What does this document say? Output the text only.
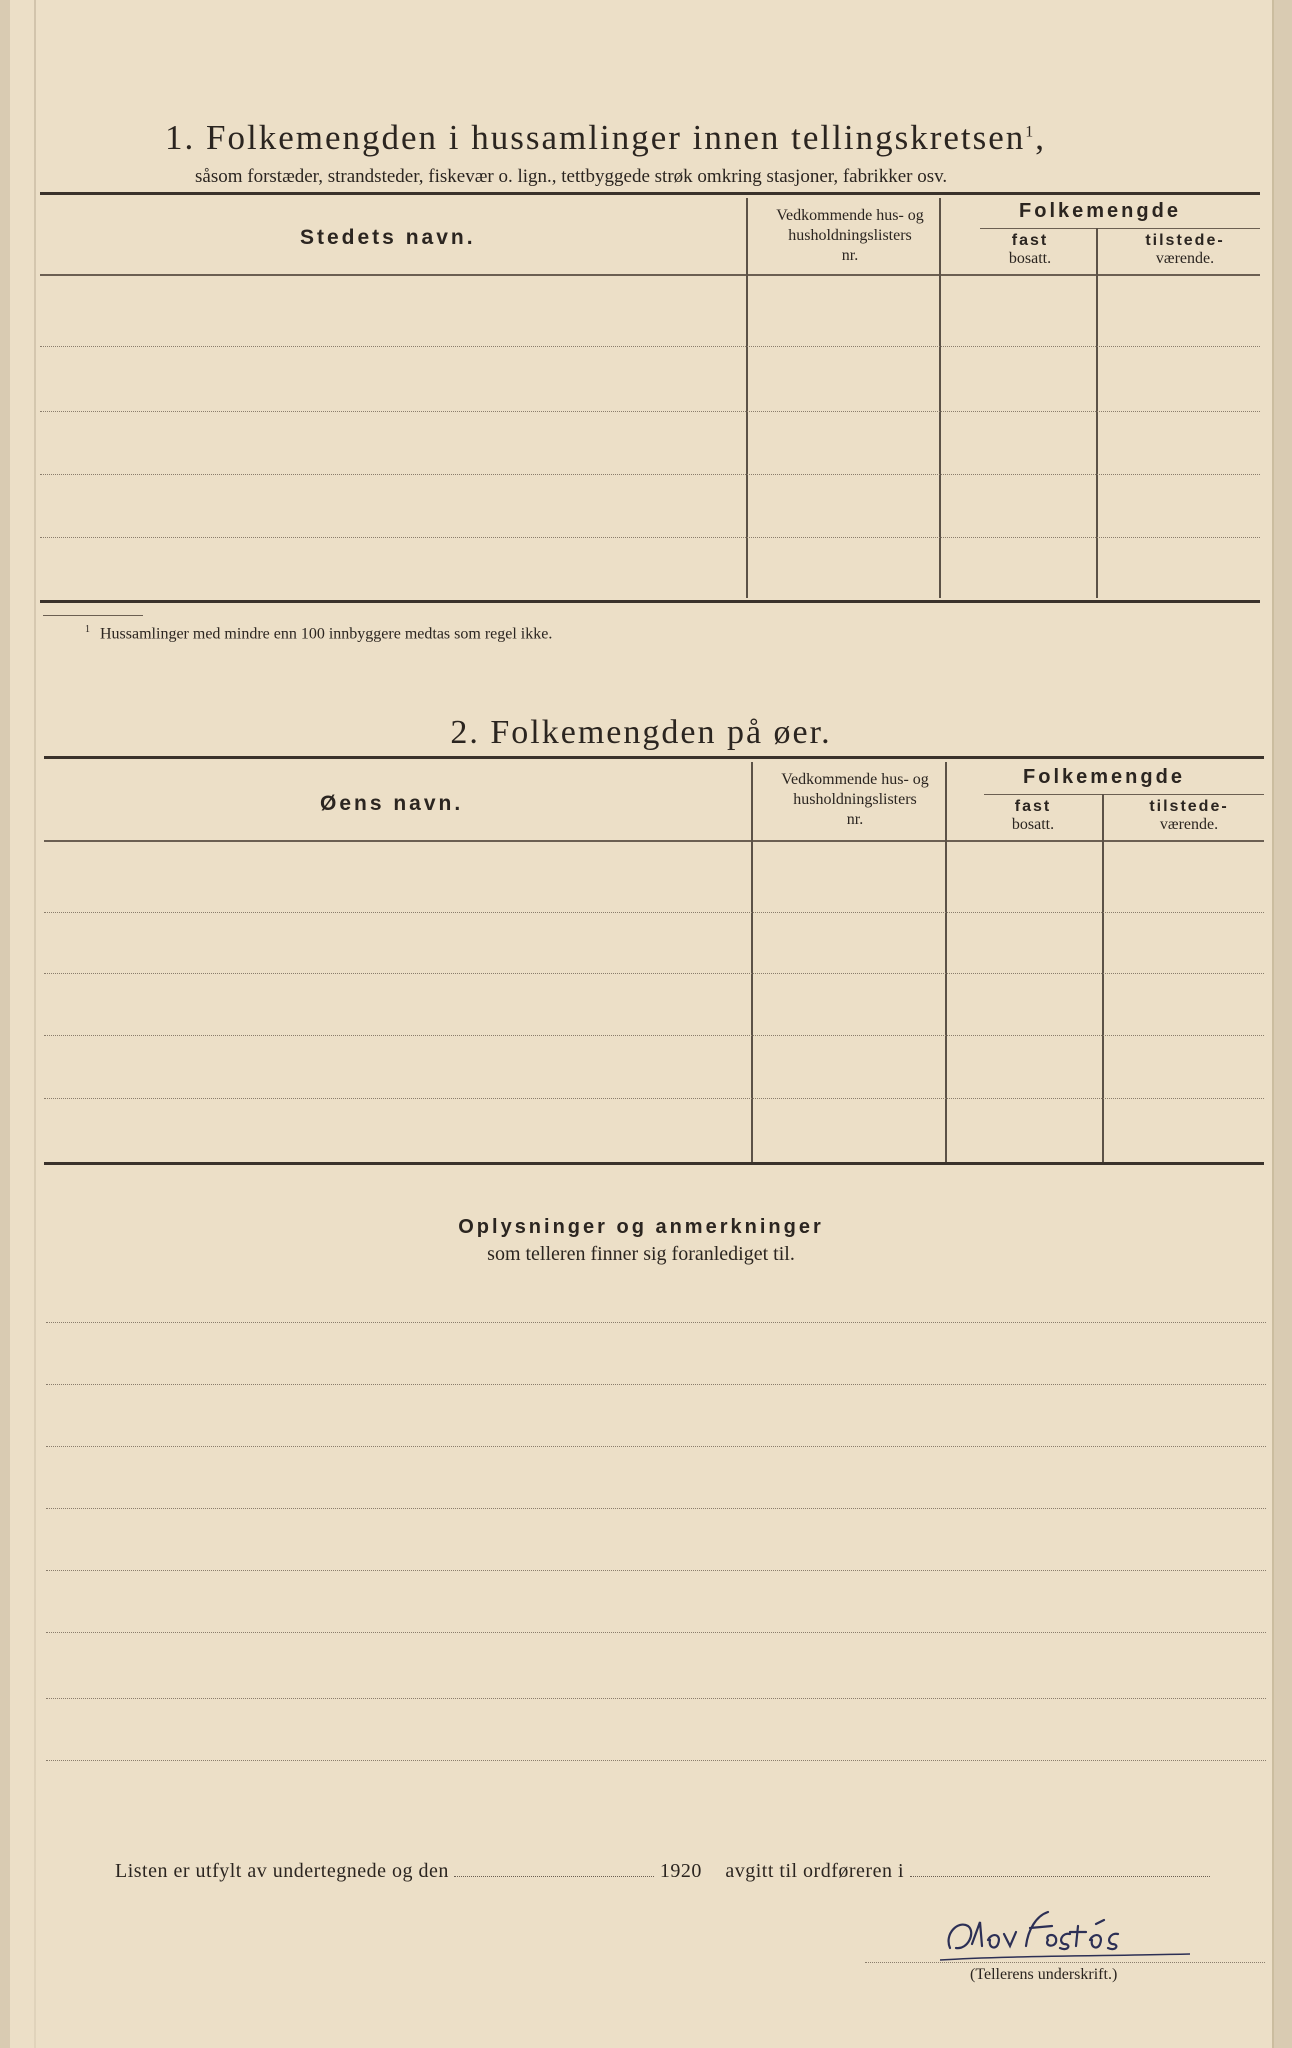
1. Folkemengden i hussamlinger innen tellingskretsen$^1$,
såsom forstæder, strandsteder, fiskevær o. lign., tettbyggede strøk omkring stasjoner, fabrikker osv.
Stedets navn.
Vedkommende hus- og
husholdningslisters
nr.
Folkemengde
fast
bosatt.
tilstede-
værende.
$^1$ Hussamlinger med mindre enn 100 innbyggere medtas som regel ikke.
2. Folkemengden på øer.
Øens navn.
Vedkommende hus- og
husholdningslisters
nr.
Folkemengde
fast
bosatt.
tilstede-
værende.
Oplysninger og anmerkninger
som telleren finner sig foranlediget til.
Listen er utfylt av undertegnede og den	1920 avgitt til ordføreren i
Olav Fostås
(Tellerens underskrift.)
